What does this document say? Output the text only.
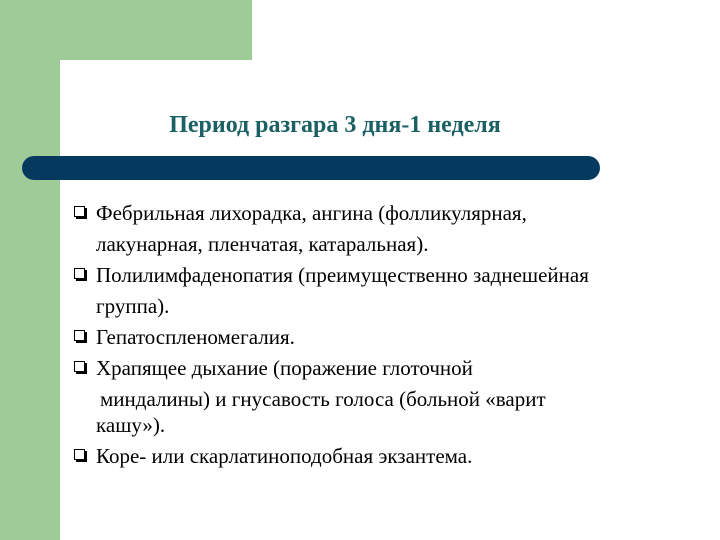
Период разгара 3 дня-1 неделя
Фебрильная лихорадка, ангина (фолликулярная,
лакунарная, пленчатая, катаральная).
Полилимфаденопатия (преимущественно заднешейная
группа).
Гепатоспленомегалия.
Храпящее дыхание (поражение глоточной
миндалины) и гнусавость голоса (больной «варит
кашу»).
Коре- или скарлатиноподобная экзантема.
